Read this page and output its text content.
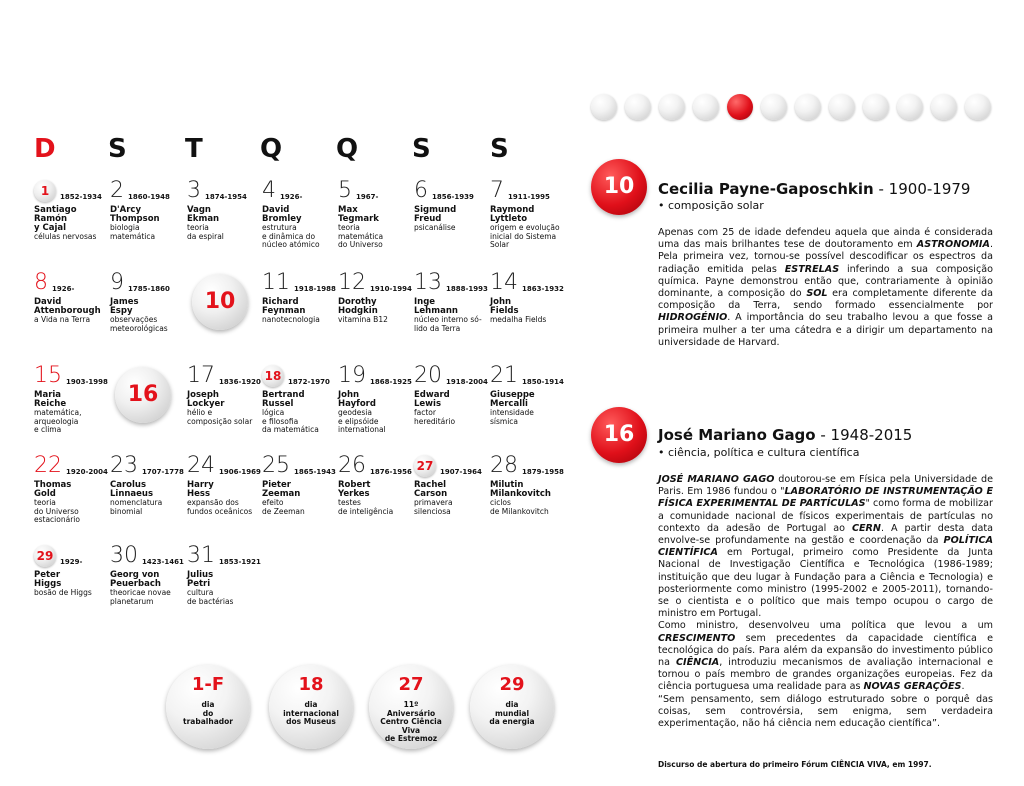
D S T Q Q S S
1 1852-1934
Santiago
Ramón
y Cajal
células nervosas
2 1860-1948
D'Arcy
Thompson
biologia
matemática
3 1874-1954
Vagn
Ekman
teoria
da espiral
4 1926-
David
Bromley
estrutura
e dinâmica do
núcleo atómico
5 1967-
Max
Tegmark
teoria
matemática
do Universo
6 1856-1939
Sigmund
Freud
psicanálise
7 1911-1995
Raymond
Lyttleto
origem e evolução
inicial do Sistema
Solar
8 1926-
David
Attenborough
a Vida na Terra
9 1785-1860
James
Espy
observações
meteorológicas
10
11 1918-1988
Richard
Feynman
nanotecnologia
12 1910-1994
Dorothy
Hodgkin
vitamina B12
13 1888-1993
Inge
Lehmann
núcleo interno só-
lido da Terra
14 1863-1932
John
Fields
medalha Fields
15 1903-1998
Maria
Reiche
matemática,
arqueologia
e clima
16
17 1836-1920
Joseph
Lockyer
hélio e
composição solar
18 1872-1970
Bertrand
Russel
lógica
e filosofia
da matemática
19 1868-1925
John
Hayford
geodesia
e elipsóide
international
20 1918-2004
Edward
Lewis
factor
hereditário
21 1850-1914
Giuseppe
Mercalli
intensidade
sísmica
22 1920-2004
Thomas
Gold
teoria
do Universo
estacionário
23 1707-1778
Carolus
Linnaeus
nomenclatura
binomial
24 1906-1969
Harry
Hess
expansão dos
fundos oceânicos
25 1865-1943
Pieter
Zeeman
efeito
de Zeeman
26 1876-1956
Robert
Yerkes
testes
de inteligência
27 1907-1964
Rachel
Carson
primavera
silenciosa
28 1879-1958
Milutin
Milankovitch
ciclos
de Milankovitch
29 1929-
Peter
Higgs
bosão de Higgs
30 1423-1461
Georg von
Peuerbach
theoricae novae
planetarum
31 1853-1921
Julius
Petri
cultura
de bactérias
1-F
dia
do
trabalhador
18
dia
internacional
dos Museus
27
11º
Aniversário
Centro Ciência Viva
de Estremoz
29
dia
mundial
da energia
10	Cecilia Payne-Gaposchkin - 1900-1979
• composição solar
Apenas com 25 de idade defendeu aquela que ainda é considerada uma das mais brilhantes tese de doutoramento em ASTRONOMIA. Pela primeira vez, tornou-se possível descodificar os espectros da radiação emitida pelas ESTRELAS inferindo a sua composição química. Payne demonstrou então que, contrariamente à opinião dominante, a composição do SOL era completamente diferente da composição da Terra, sendo formado essencialmente por HIDROGÉNIO. A importância do seu trabalho levou a que fosse a primeira mulher a ter uma cátedra e a dirigir um departamento na universidade de Harvard.
16	José Mariano Gago - 1948-2015
• ciência, política e cultura científica
JOSÉ MARIANO GAGO doutorou-se em Física pela Universidade de Paris. Em 1986 fundou o "LABORATÓRIO DE INSTRUMENTAÇÃO E FÍSICA EXPERIMENTAL DE PARTÍCULAS" como forma de mobilizar a comunidade nacional de físicos experimentais de partículas no contexto da adesão de Portugal ao CERN. A partir desta data envolve-se profundamente na gestão e coordenação da POLÍTICA CIENTÍFICA em Portugal, primeiro como Presidente da Junta Nacional de Investigação Científica e Tecnológica (1986-1989; instituição que deu lugar à Fundação para a Ciência e Tecnologia) e posteriormente como ministro (1995-2002 e 2005-2011), tornando-se o cientista e o político que mais tempo ocupou o cargo de ministro em Portugal.
Como ministro, desenvolveu uma política que levou a um CRESCIMENTO sem precedentes da capacidade científica e tecnológica do país. Para além da expansão do investimento público na CIÊNCIA, introduziu mecanismos de avaliação internacional e tornou o país membro de grandes organizações europeias. Fez da ciência portuguesa uma realidade para as NOVAS GERAÇÕES.
“Sem pensamento, sem diálogo estruturado sobre o porquê das coisas, sem controvérsia, sem enigma, sem verdadeira experimentação, não há ciência nem educação científica”.
Discurso de abertura do primeiro Fórum CIÊNCIA VIVA, em 1997.
